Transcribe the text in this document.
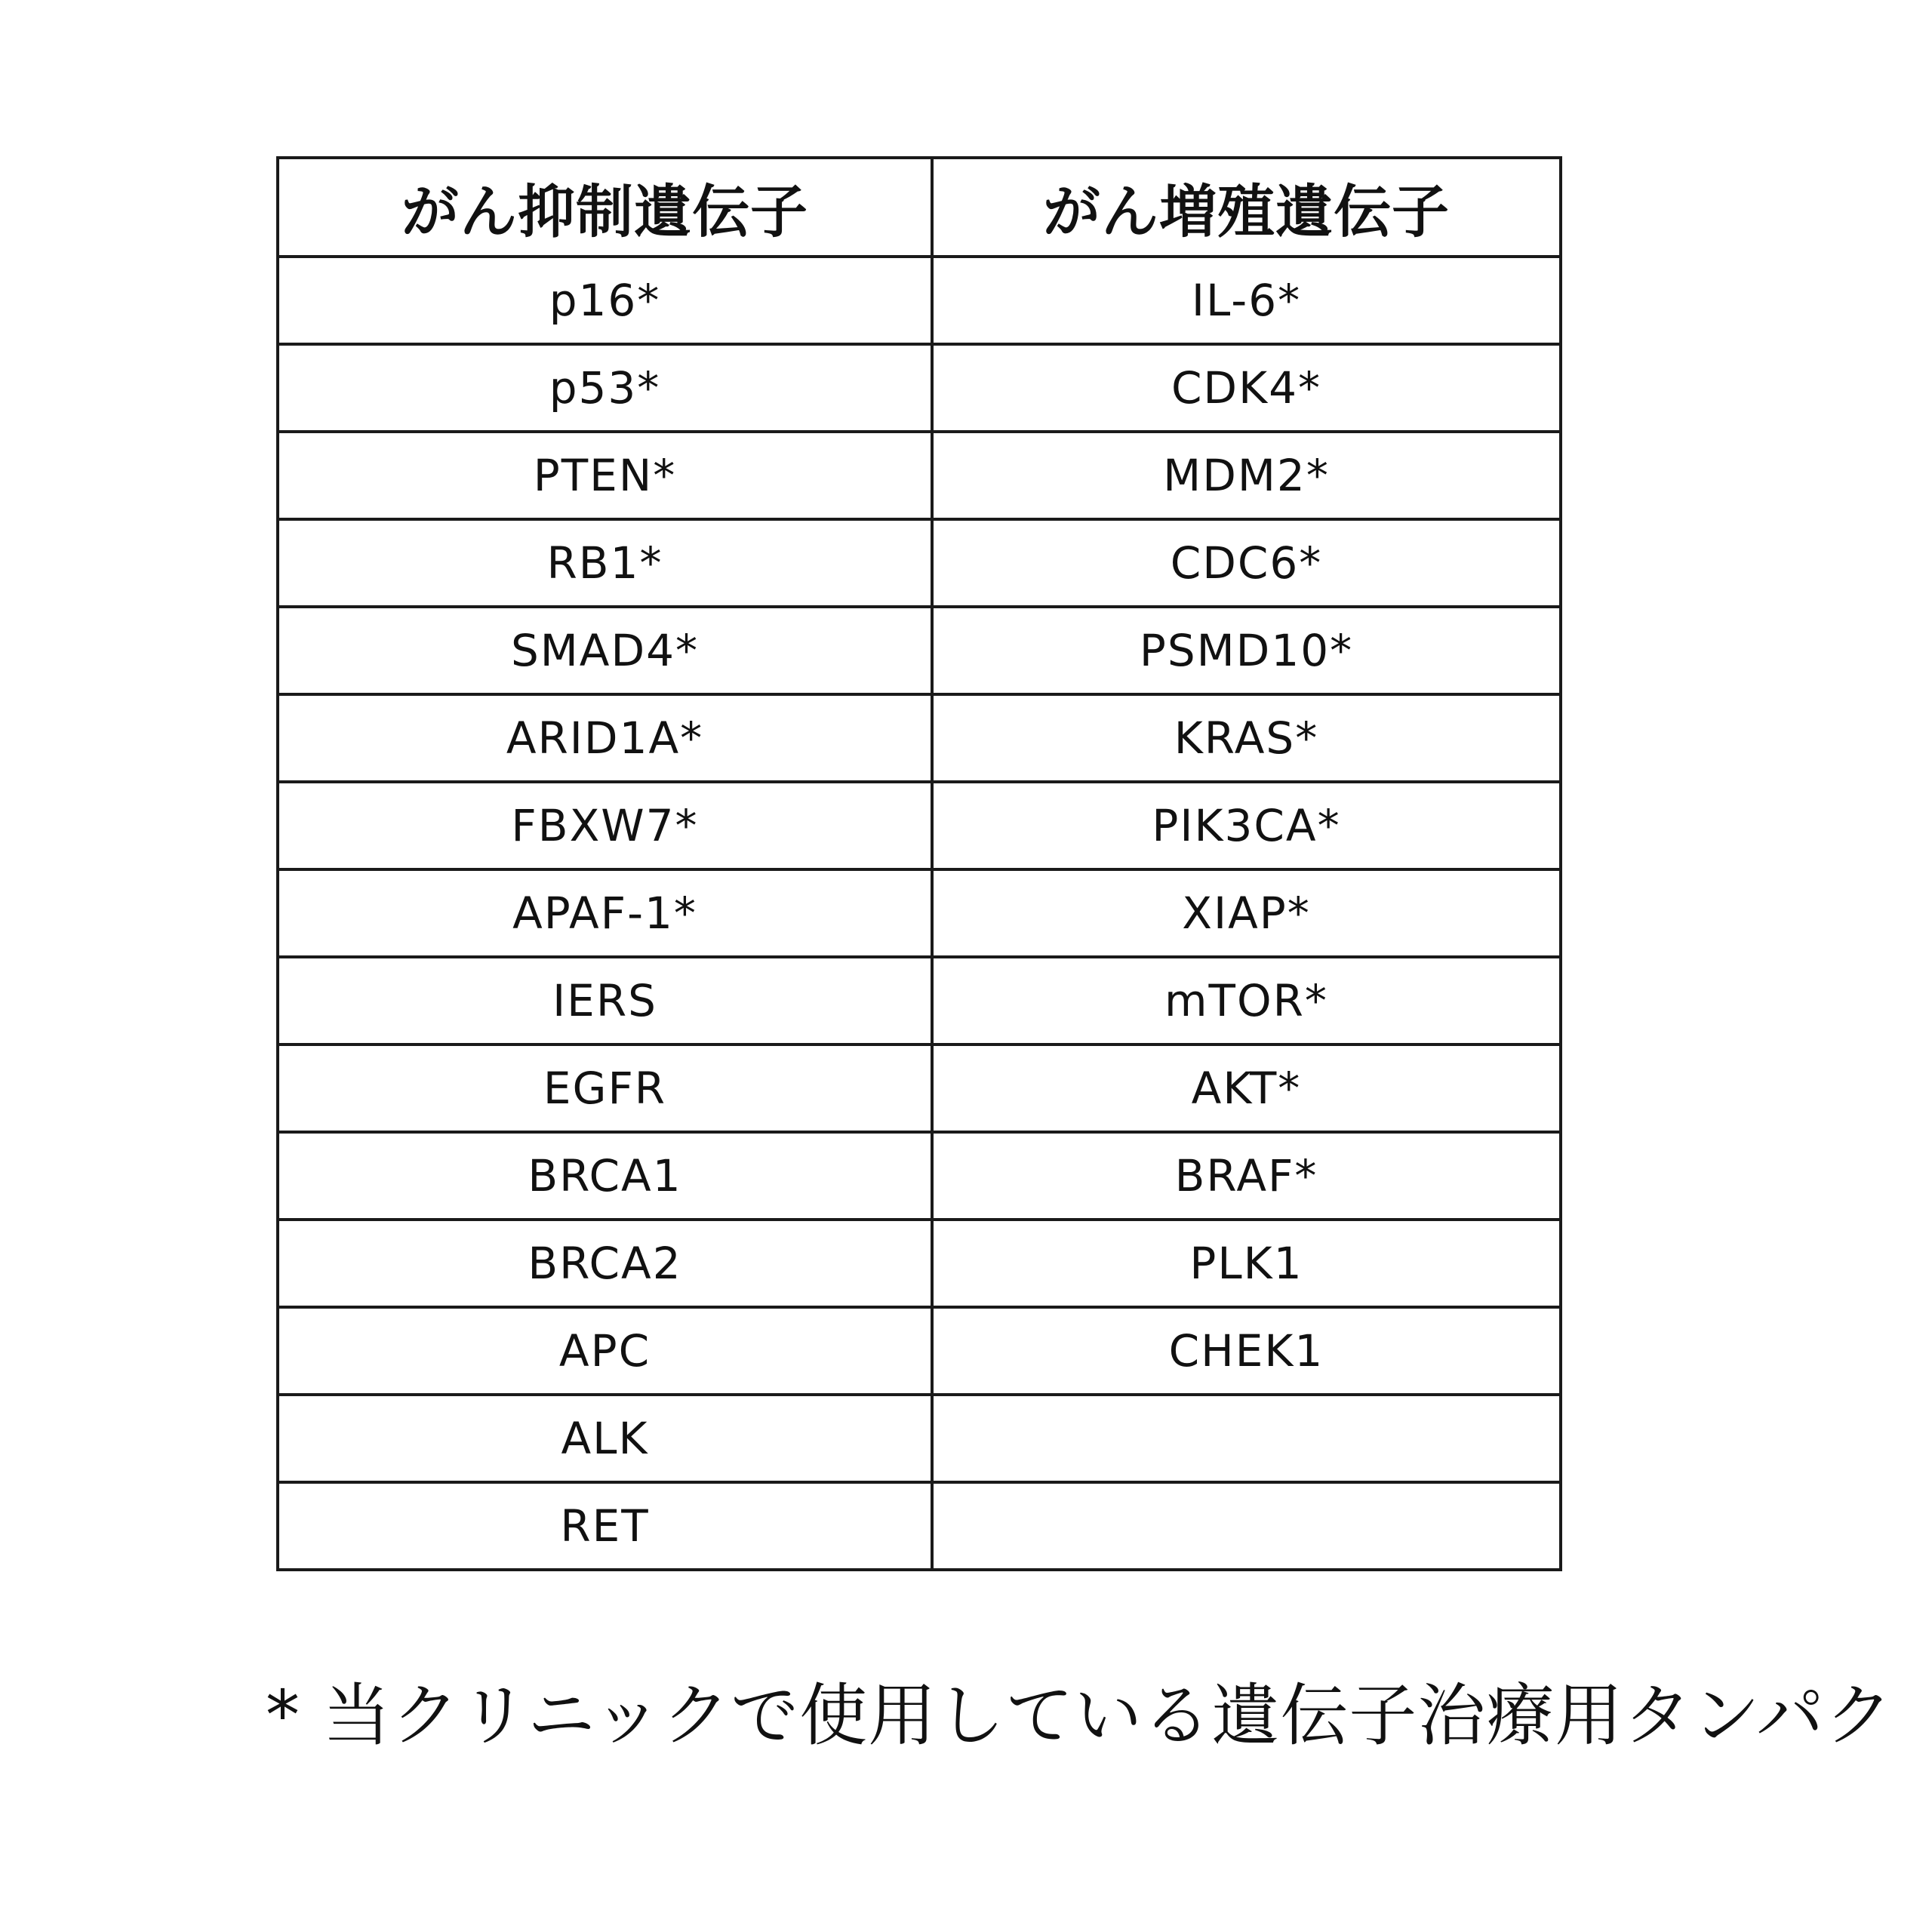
がん抑制遺伝子	がん増殖遺伝子
p16*	IL-6*
p53*	CDK4*
PTEN*	MDM2*
RB1*	CDC6*
SMAD4*	PSMD10*
ARID1A*	KRAS*
FBXW7*	PIK3CA*
APAF-1*	XIAP*
IERS	mTOR*
EGFR	AKT*
BRCA1	BRAF*
BRCA2	PLK1
APC	CHEK1
ALK	
RET	
* 当クリニックで使用している遺伝子治療用タンパク
